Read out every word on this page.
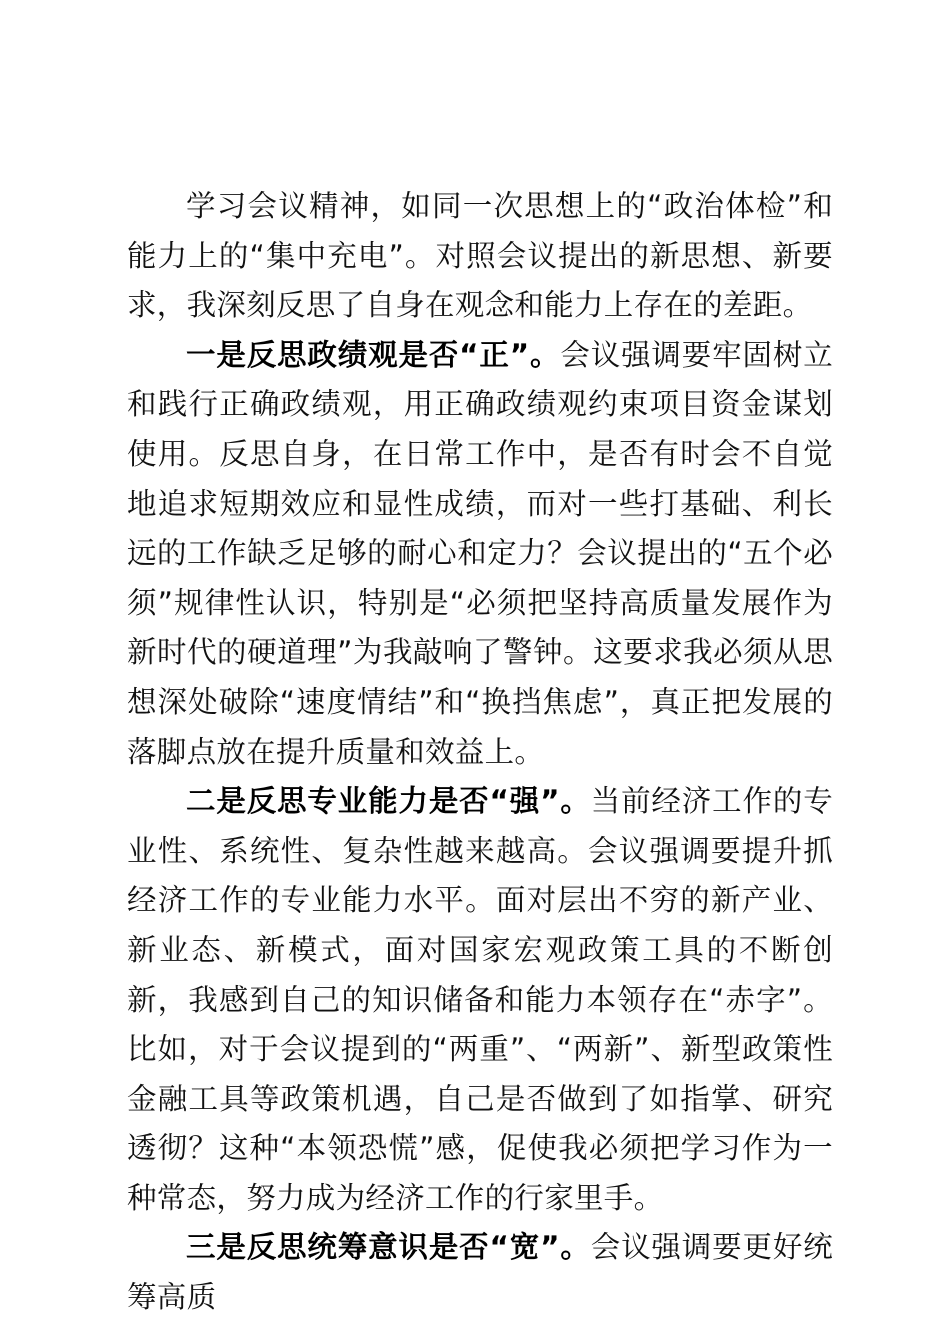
学习会议精神，如同一次思想上的“政治体检”和能力上的“集中充电”。对照会议提出的新思想、新要求，我深刻反思了自身在观念和能力上存在的差距。

一是反思政绩观是否“正”。会议强调要牢固树立和践行正确政绩观，用正确政绩观约束项目资金谋划使用。反思自身，在日常工作中，是否有时会不自觉地追求短期效应和显性成绩，而对一些打基础、利长远的工作缺乏足够的耐心和定力？会议提出的“五个必须”规律性认识，特别是“必须把坚持高质量发展作为新时代的硬道理”为我敲响了警钟。这要求我必须从思想深处破除“速度情结”和“换挡焦虑”，真正把发展的落脚点放在提升质量和效益上。

二是反思专业能力是否“强”。当前经济工作的专业性、系统性、复杂性越来越高。会议强调要提升抓经济工作的专业能力水平。面对层出不穷的新产业、新业态、新模式，面对国家宏观政策工具的不断创新，我感到自己的知识储备和能力本领存在“赤字”。比如，对于会议提到的“两重”、“两新”、新型政策性金融工具等政策机遇，自己是否做到了如指掌、研究透彻？这种“本领恐慌”感，促使我必须把学习作为一种常态，努力成为经济工作的行家里手。

三是反思统筹意识是否“宽”。会议强调要更好统筹高质
